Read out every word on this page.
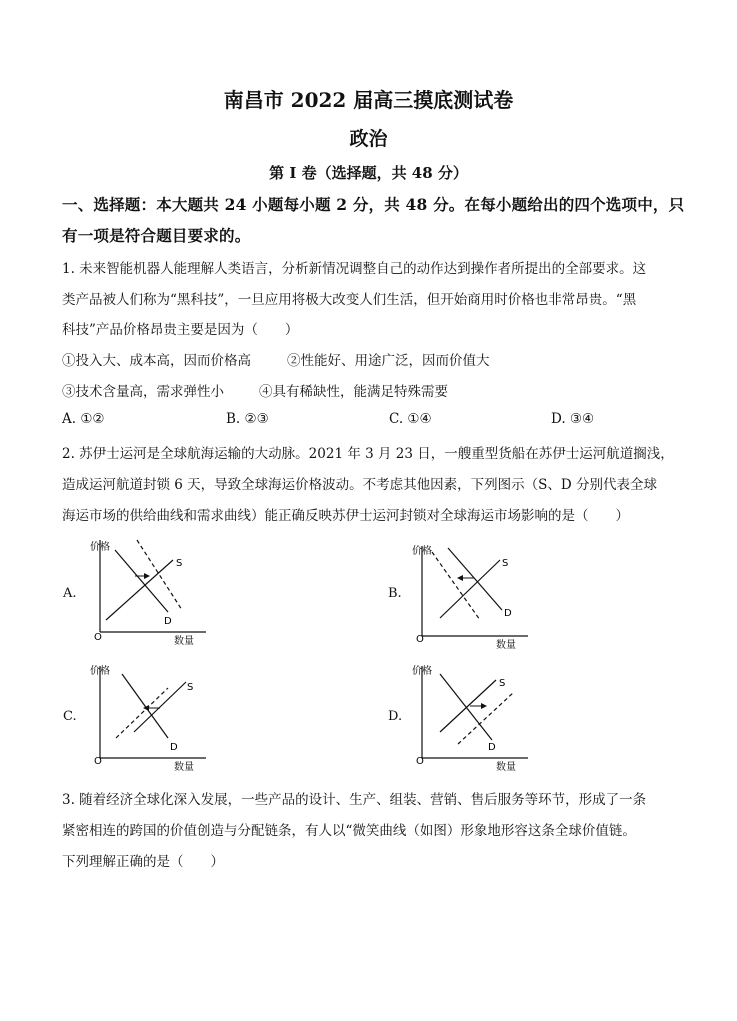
南昌市 2022 届高三摸底测试卷
政治
第 I 卷（选择题，共 48 分）
一、选择题：本大题共 24 小题每小题 2 分，共 48 分。在每小题给出的四个选项中，只
有一项是符合题目要求的。
1. 未来智能机器人能理解人类语言，分析新情况调整自己的动作达到操作者所提出的全部要求。这
类产品被人们称为“黑科技”，一旦应用将极大改变人们生活，但开始商用时价格也非常昂贵。“黑
科技”产品价格昂贵主要是因为（　　）
①投入大、成本高，因而价格高	②性能好、用途广泛，因而价值大
③技术含量高，需求弹性小	④具有稀缺性，能满足特殊需要
A. ①②	B. ②③	C. ①④	D. ③④
2. 苏伊士运河是全球航海运输的大动脉。2021 年 3 月 23 日，一艘重型货船在苏伊士运河航道搁浅，
造成运河航道封锁 6 天，导致全球海运价格波动。不考虑其他因素，下列图示（S、D 分别代表全球
海运市场的供给曲线和需求曲线）能正确反映苏伊士运河封锁对全球海运市场影响的是（　　）
A.
价格
数量
O
S
D
B.
价格
数量
O
S
D
C.
价格
数量
O
S
D
D.
价格
数量
O
S
D
3. 随着经济全球化深入发展，一些产品的设计、生产、组装、营销、售后服务等环节，形成了一条
紧密相连的跨国的价值创造与分配链条，有人以“微笑曲线（如图）形象地形容这条全球价值链。
下列理解正确的是（　　）
